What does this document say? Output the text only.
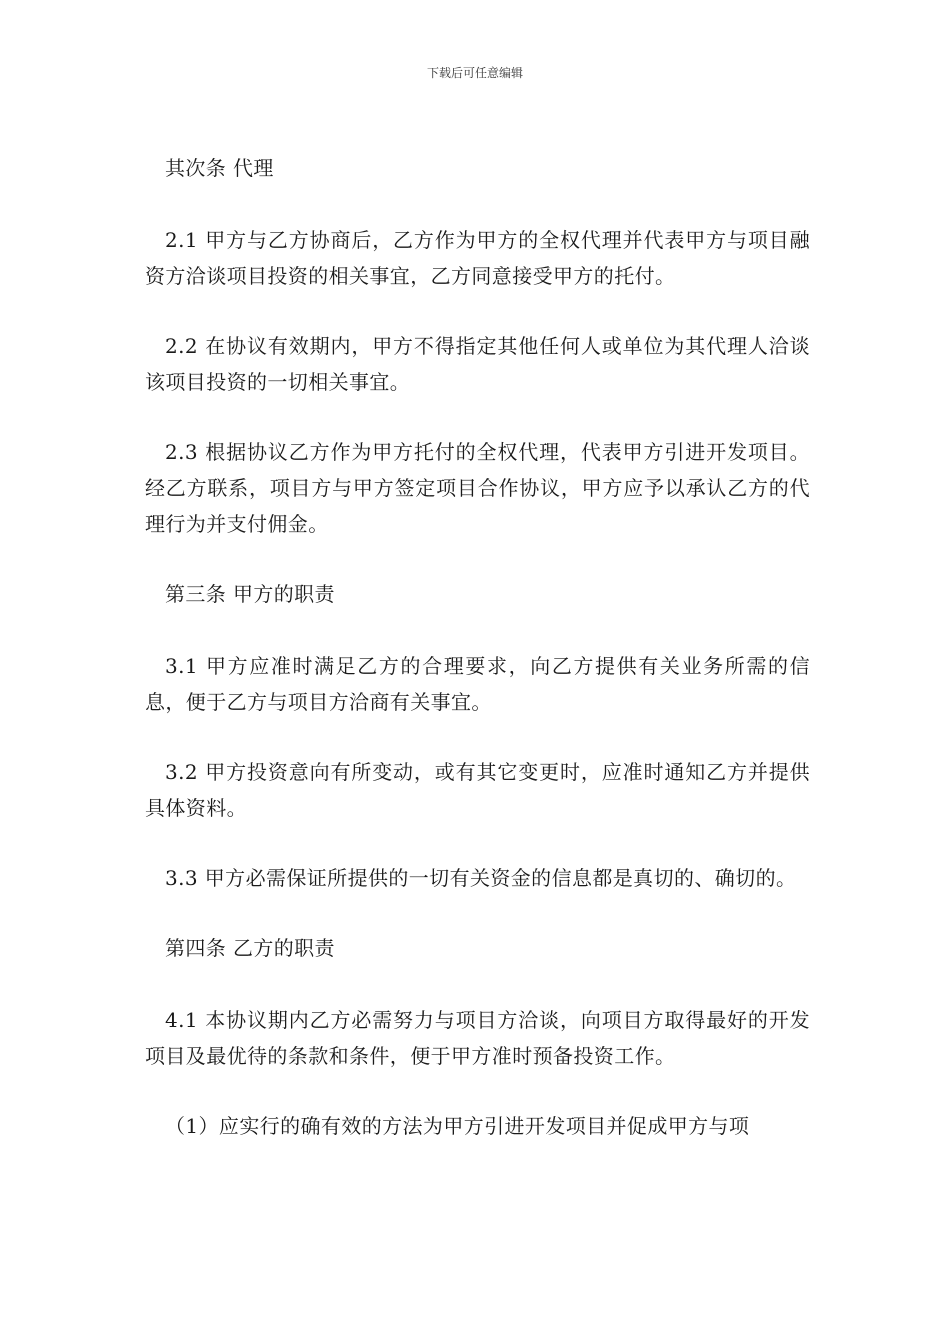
下载后可任意编辑

其次条 代理

2.1 甲方与乙方协商后，乙方作为甲方的全权代理并代表甲方与项目融资方洽谈项目投资的相关事宜，乙方同意接受甲方的托付。

2.2 在协议有效期内，甲方不得指定其他任何人或单位为其代理人洽谈该项目投资的一切相关事宜。

2.3 根据协议乙方作为甲方托付的全权代理，代表甲方引进开发项目。经乙方联系，项目方与甲方签定项目合作协议，甲方应予以承认乙方的代理行为并支付佣金。

第三条 甲方的职责

3.1 甲方应准时满足乙方的合理要求，向乙方提供有关业务所需的信息，便于乙方与项目方洽商有关事宜。

3.2 甲方投资意向有所变动，或有其它变更时，应准时通知乙方并提供具体资料。

3.3 甲方必需保证所提供的一切有关资金的信息都是真切的、确切的。

第四条 乙方的职责

4.1 本协议期内乙方必需努力与项目方洽谈，向项目方取得最好的开发项目及最优待的条款和条件，便于甲方准时预备投资工作。

（1）应实行的确有效的方法为甲方引进开发项目并促成甲方与项
